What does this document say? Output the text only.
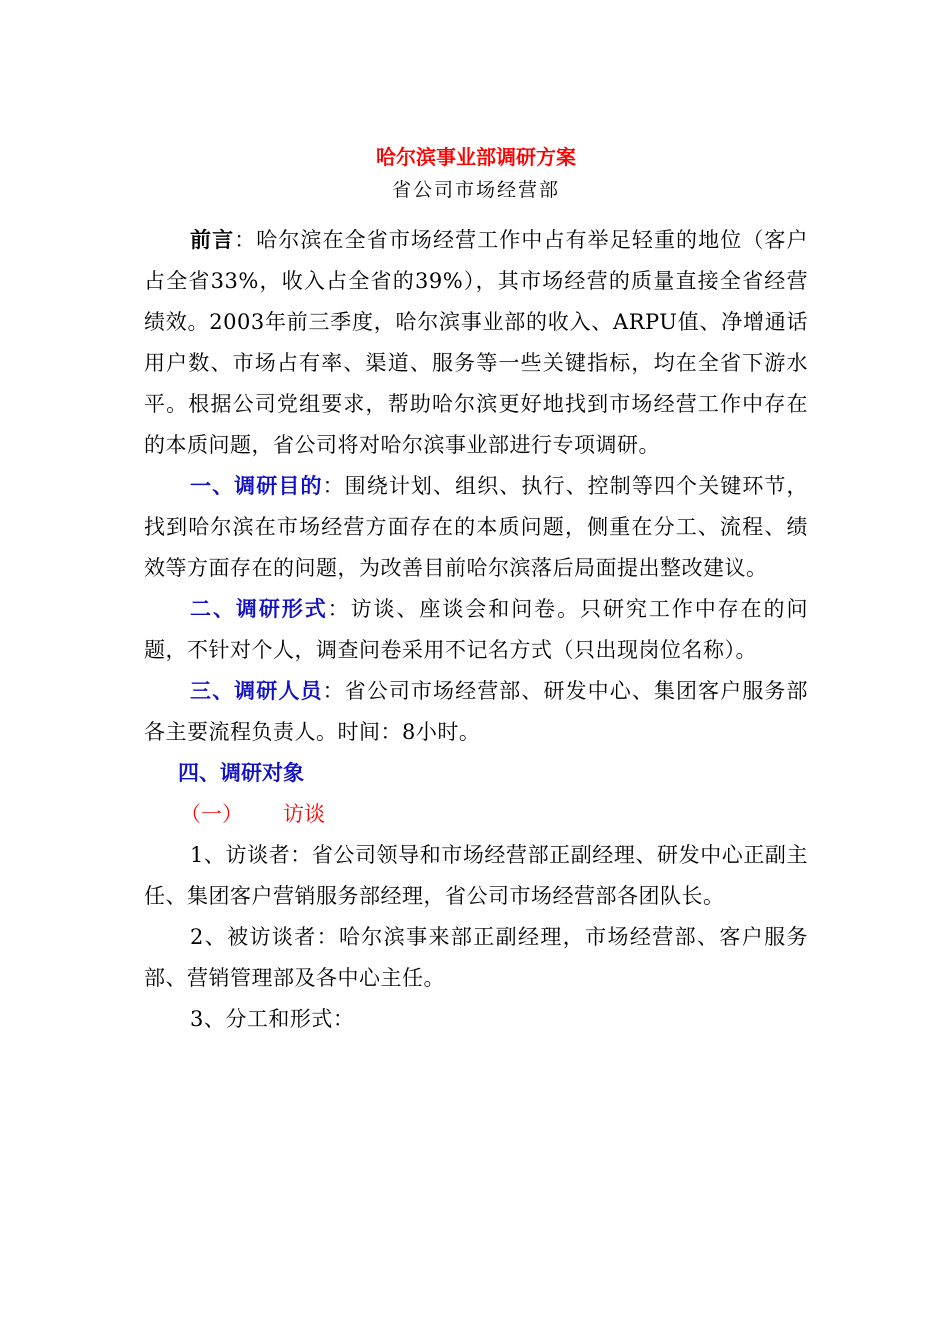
哈尔滨事业部调研方案
省公司市场经营部

前言：哈尔滨在全省市场经营工作中占有举足轻重的地位（客户占全省33%，收入占全省的39%），其市场经营的质量直接全省经营绩效。2003年前三季度，哈尔滨事业部的收入、ARPU值、净增通话用户数、市场占有率、渠道、服务等一些关键指标，均在全省下游水平。根据公司党组要求，帮助哈尔滨更好地找到市场经营工作中存在的本质问题，省公司将对哈尔滨事业部进行专项调研。

一、调研目的：围绕计划、组织、执行、控制等四个关键环节，找到哈尔滨在市场经营方面存在的本质问题，侧重在分工、流程、绩效等方面存在的问题，为改善目前哈尔滨落后局面提出整改建议。

二、调研形式：访谈、座谈会和问卷。只研究工作中存在的问题，不针对个人，调查问卷采用不记名方式（只出现岗位名称）。

三、调研人员：省公司市场经营部、研发中心、集团客户服务部各主要流程负责人。时间：8小时。

四、调研对象
（一） 访谈

1、访谈者：省公司领导和市场经营部正副经理、研发中心正副主任、集团客户营销服务部经理，省公司市场经营部各团队长。

2、被访谈者：哈尔滨事来部正副经理，市场经营部、客户服务部、营销管理部及各中心主任。

3、分工和形式：
